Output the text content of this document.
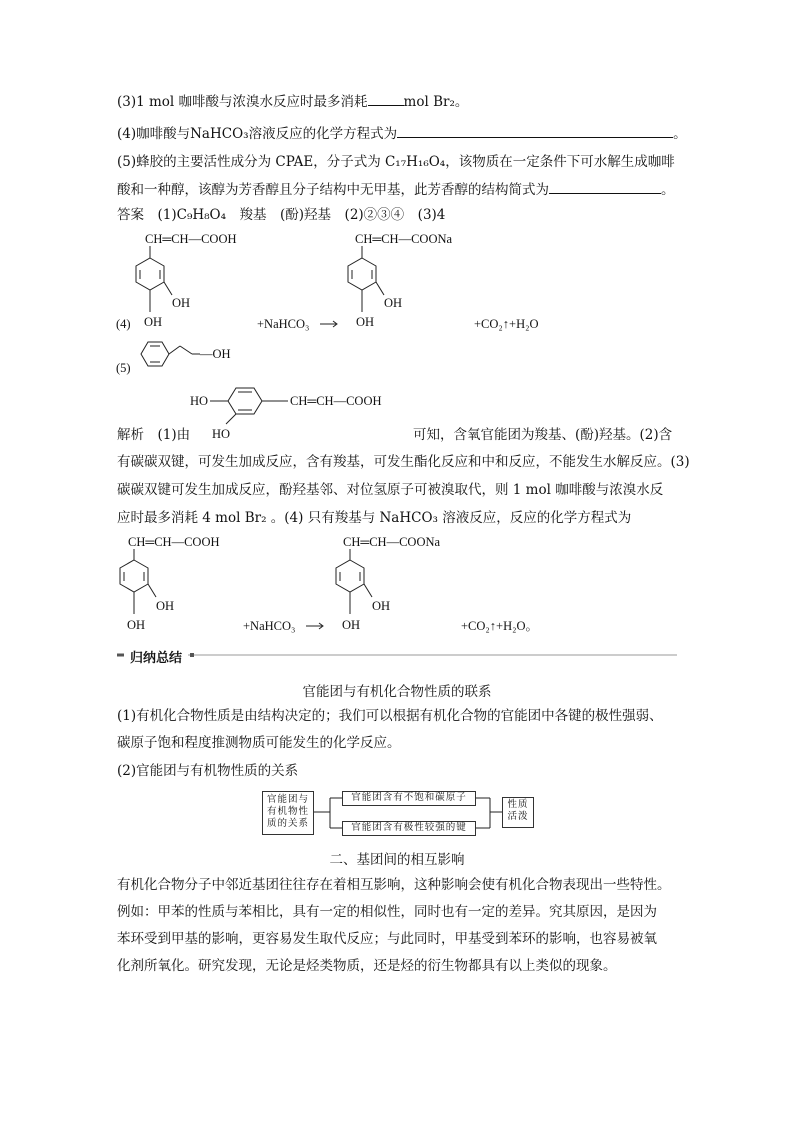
(3)1 mol 咖啡酸与浓溴水反应时最多消耗	mol Br₂。
(4)咖啡酸与NaHCO₃溶液反应的化学方程式为	。
(5)蜂胶的主要活性成分为 CPAE，分子式为 C₁₇H₁₆O₄，该物质在一定条件下可水解生成咖啡
酸和一种醇，该醇为芳香醇且分子结构中无甲基，此芳香醇的结构简式为	。
答案　(1)C₉H₈O₄　羧基　(酚)羟基　(2)②③④　(3)4
CH═CH—COOH
OH
OH
(4)	+NaHCO₃
CH═CH—COONa
OH
OH	+CO₂↑+H₂O
(5)
—OH
HO	CH═CH—COOH
HO
CH═CH—COOH
OH
OH	+NaHCO₃
CH═CH—COONa
OH
OH	+CO₂↑+H₂O。
解析　(1)由	可知，含氧官能团为羧基、(酚)羟基。(2)含
有碳碳双键，可发生加成反应，含有羧基，可发生酯化反应和中和反应，不能发生水解反应。(3)
碳碳双键可发生加成反应，酚羟基邻、对位氢原子可被溴取代，则 1 mol 咖啡酸与浓溴水反
应时最多消耗 4 mol Br₂ 。(4) 只有羧基与 NaHCO₃ 溶液反应，反应的化学方程式为
归纳总结
官能团与有机化合物性质的联系
(1)有机化合物性质是由结构决定的；我们可以根据有机化合物的官能团中各键的极性强弱、
碳原子饱和程度推测物质可能发生的化学反应。
(2)官能团与有机物性质的关系
官能团与
有机物性
质的关系
官能团含有不饱和碳原子
官能团含有极性较强的键
性质
活泼
二、基团间的相互影响
有机化合物分子中邻近基团往往存在着相互影响，这种影响会使有机化合物表现出一些特性。
例如：甲苯的性质与苯相比，具有一定的相似性，同时也有一定的差异。究其原因，是因为
苯环受到甲基的影响，更容易发生取代反应；与此同时，甲基受到苯环的影响，也容易被氧
化剂所氧化。研究发现，无论是烃类物质，还是烃的衍生物都具有以上类似的现象。
